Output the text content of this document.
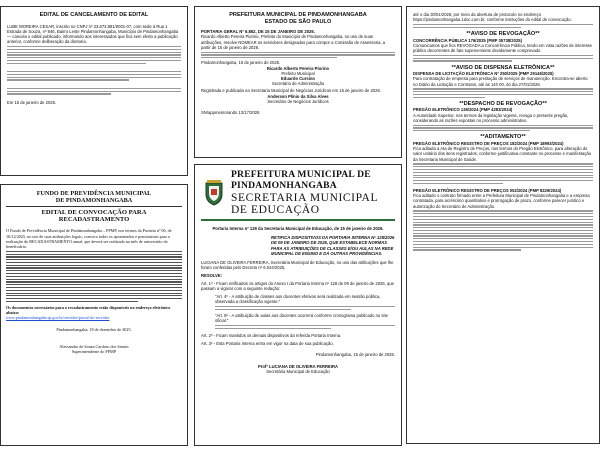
EDITAL DE CANCELAMENTO DE EDITAL
LUBE MOREIRA CESAR, inscrito no CNPJ nº 23.673.881/0001-07, com sede à Rua 1 Estrada de Souza, nº 846, Bairro Leste Pindamonhangaba, Município de Pindamonhangaba — cancela o edital publicado, informando aos interessados que fica sem efeito a publicação anterior, conforme deliberação da diretoria.
Em 15 de janeiro de 2026.
FUNDO DE PREVIDÊNCIA MUNICIPAL
DE PINDAMONHANGABA
EDITAL DE CONVOCAÇÃO PARA RECADASTRAMENTO
O Fundo de Previdência Municipal de Pindamonhangaba – FPMP, nos termos da Portaria nº 06, de 16/12/2025, no uso de suas atribuições legais, convoca todos os aposentados e pensionistas para a realização do RECADASTRAMENTO anual, que deverá ser realizado no mês de aniversário do beneficiário.
Os documentos necessários para o recadastramento estão disponíveis no endereço eletrônico abaixo:
www.pindamonhangaba.sp.gov.br/servidor/portal-do-servidor
Pindamonhangaba, 18 de dezembro de 2025.
Alessandro de Souza Cardoso dos Santos
Superintendente do FPMP
PREFEITURA MUNICIPAL DE PINDAMONHANGABA
ESTADO DE SÃO PAULO
PORTARIA GERAL Nº 6.862, DE 15 DE JANEIRO DE 2026.
Ricardo Alberto Pereira Piorino, Prefeito do Município de Pindamonhangaba, no uso de suas atribuições, resolve NOMEAR os servidores designados para compor a Comissão de Assessoria, a partir de 15 de janeiro de 2026.
Pindamonhangaba, 15 de janeiro de 2026.
Ricardo Alberto Pereira Piorino
Prefeito Municipal
Eduardo Cursino
Secretário de Administração
Registrada e publicada na Secretaria Municipal de Negócios Jurídicos em 15 de janeiro de 2026.
Anderson Plínio da Silva Alves
Secretário de Negócios Jurídicos
SN/appmemorando 13/17/2026
PREFEITURA MUNICIPAL DE PINDAMONHANGABA
SECRETARIA MUNICIPAL DE EDUCAÇÃO
Portaria Interna nº 129 da Secretaria Municipal de Educação, de 15 de janeiro de 2026.
RETIFICA DISPOSITIVOS DA PORTARIA INTERNA Nº 128/2026 DE 09 DE JANEIRO DE 2026, QUE ESTABELECE NORMAS PARA AS ATRIBUIÇÕES DE CLASSES E/OU AULAS NA REDE MUNICIPAL DE ENSINO E DÁ OUTRAS PROVIDÊNCIAS.
LUCIANA DE OLIVEIRA FERREIRA, Secretária Municipal de Educação, no uso das atribuições que lhe foram conferidas pelo Decreto nº 6.044/2025,
RESOLVE:
Art. 1º - Ficam retificados os artigos do Anexo I da Portaria Interna nº 128 de 09 de janeiro de 2026, que passam a vigorar com a seguinte redação:
"Art. 4º - A atribuição de classes aos docentes efetivos será realizada em sessão pública, observada a classificação vigente."
"Art. 5º - A atribuição de aulas aos docentes ocorrerá conforme cronograma publicado no site oficial."
Art. 2º - Ficam mantidos os demais dispositivos da referida Portaria Interna.
Art. 3º - Esta Portaria Interna entra em vigor na data de sua publicação.
Pindamonhangaba, 15 de janeiro de 2026.
Profª LUCIANA DE OLIVEIRA FERREIRA
Secretária Municipal de Educação
até o dia 30/01/2026, por meio da abertura de protocolo no endereço https://pindamonhangaba.1doc.com.br, conforme instruções do edital de convocação.
**AVISO DE REVOGAÇÃO**
CONCORRÊNCIA PÚBLICA 176/2025 (PMP 35738/2025)
Comunicamos que fica REVOGADA a Concorrência Pública, tendo em vista razões de interesse público decorrentes de fato superveniente devidamente comprovado.
**AVISO DE DISPENSA ELETRÔNICA**
DISPENSA DE LICITAÇÃO ELETRÔNICA Nº 250/2025 (PMP 29146/2025)
Para contratação de empresa para prestação de serviços de manutenção. Encontra-se aberto no Diário da Licitação e Contratos, até às 14h 00, do dia 27/01/2026.
**DESPACHO DE REVOGAÇÃO**
PREGÃO ELETRÔNICO 136/2024 (PMP 4283/2024)
A Autoridade Superior, nos termos da legislação vigente, revoga o presente pregão, considerando as razões expostas no processo administrativo.
**ADITAMENTO**
PREGÃO ELETRÔNICO REGISTRO DE PREÇOS 182/2024 (PMP 18993/2024)
Fica aditada a Ata de Registro de Preços, nos termos do Pregão Eletrônico, para alteração do valor unitário dos itens registrados, conforme justificativa constante no processo e manifestação da Secretaria Municipal de Saúde.
PREGÃO ELETRÔNICO REGISTRO DE PREÇOS 052/2024 (PMP 8329/2024)
Fica aditado o contrato firmado entre a Prefeitura Municipal de Pindamonhangaba e a empresa contratada, para acréscimo quantitativo e prorrogação de prazo, conforme parecer jurídico e autorização do Secretário de Administração.
